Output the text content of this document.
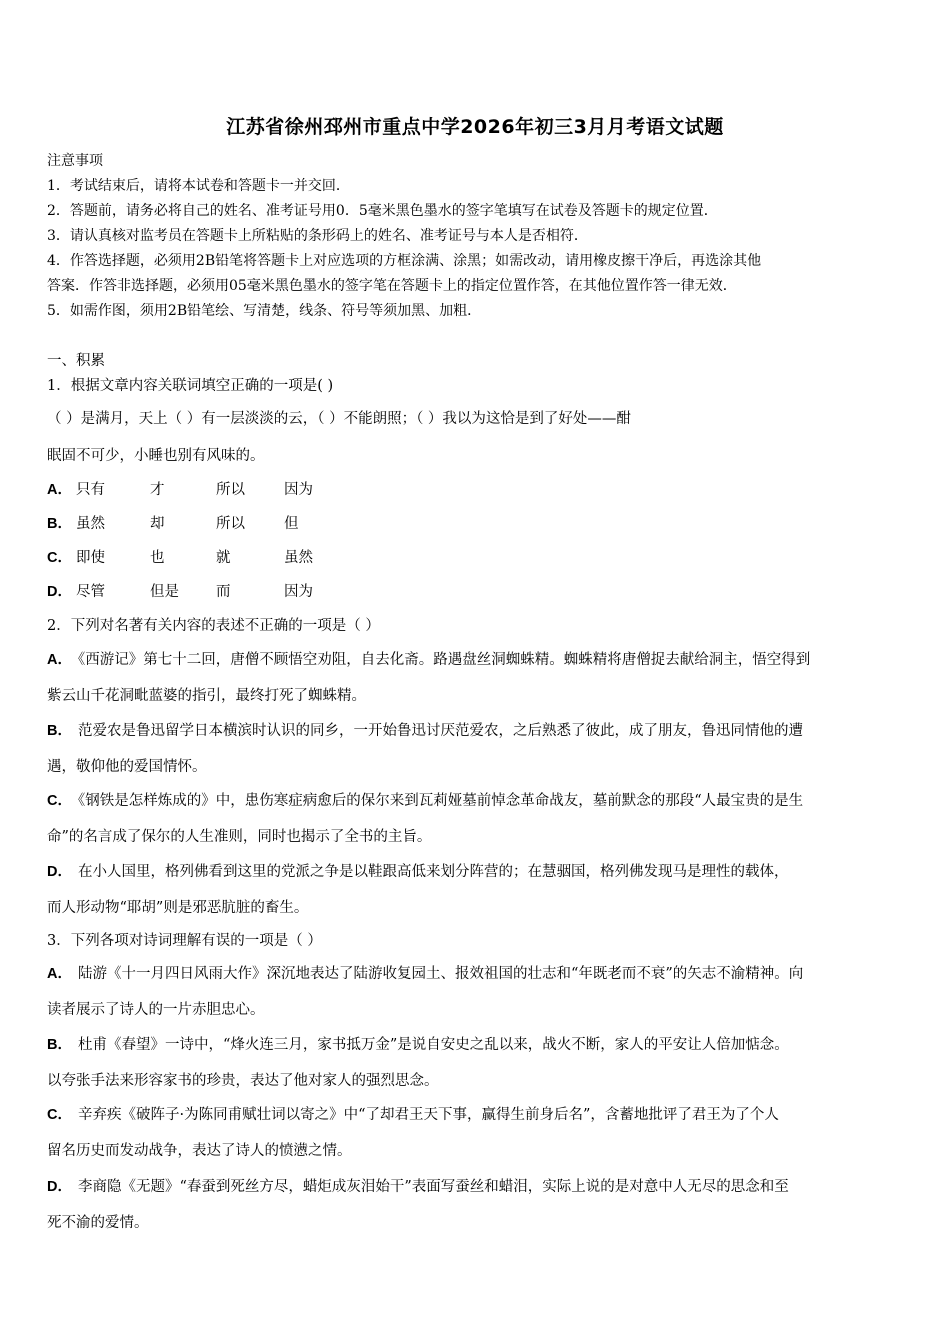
江苏省徐州邳州市重点中学2026年初三3月月考语文试题
注意事项
1．考试结束后，请将本试卷和答题卡一并交回．
2．答题前，请务必将自己的姓名、准考证号用0．5毫米黑色墨水的签字笔填写在试卷及答题卡的规定位置．
3．请认真核对监考员在答题卡上所粘贴的条形码上的姓名、准考证号与本人是否相符．
4．作答选择题，必须用2B铅笔将答题卡上对应选项的方框涂满、涂黑；如需改动，请用橡皮擦干净后，再选涂其他
答案．作答非选择题，必须用05毫米黑色墨水的签字笔在答题卡上的指定位置作答，在其他位置作答一律无效．
5．如需作图，须用2B铅笔绘、写清楚，线条、符号等须加黑、加粗．
一、积累
1．根据文章内容关联词填空正确的一项是( )
（ ）是满月，天上（ ）有一层淡淡的云，（ ）不能朗照；（ ）我以为这恰是到了好处——酣
眠固不可少，小睡也别有风味的。
A． 只有	才	所以	因为
B． 虽然	却	所以	但
C． 即使	也	就	虽然
D． 尽管	但是	而	因为
2．下列对名著有关内容的表述不正确的一项是（ ）
A． 《西游记》第七十二回，唐僧不顾悟空劝阻，自去化斋。路遇盘丝洞蜘蛛精。蜘蛛精将唐僧捉去献给洞主，悟空得到
紫云山千花洞毗蓝婆的指引，最终打死了蜘蛛精。
B． 范爱农是鲁迅留学日本横滨时认识的同乡，一开始鲁迅讨厌范爱农，之后熟悉了彼此，成了朋友，鲁迅同情他的遭
遇，敬仰他的爱国情怀。
C． 《钢铁是怎样炼成的》中，患伤寒症病愈后的保尔来到瓦莉娅墓前悼念革命战友，墓前默念的那段“人最宝贵的是生
命”的名言成了保尔的人生准则，同时也揭示了全书的主旨。
D． 在小人国里，格列佛看到这里的党派之争是以鞋跟高低来划分阵营的；在慧骃国，格列佛发现马是理性的载体，
而人形动物“耶胡”则是邪恶肮脏的畜生。
3．下列各项对诗词理解有误的一项是（ ）
A． 陆游《十一月四日风雨大作》深沉地表达了陆游收复园土、报效祖国的壮志和“年既老而不衰”的矢志不渝精神。向
读者展示了诗人的一片赤胆忠心。
B． 杜甫《春望》一诗中，“烽火连三月，家书抵万金”是说自安史之乱以来，战火不断，家人的平安让人倍加惦念。
以夸张手法来形容家书的珍贵，表达了他对家人的强烈思念。
C． 辛弃疾《破阵子·为陈同甫赋壮词以寄之》中“了却君王天下事，赢得生前身后名”，含蓄地批评了君王为了个人
留名历史而发动战争，表达了诗人的愤懑之情。
D． 李商隐《无题》“春蚕到死丝方尽，蜡炬成灰泪始干”表面写蚕丝和蜡泪，实际上说的是对意中人无尽的思念和至
死不渝的爱情。
